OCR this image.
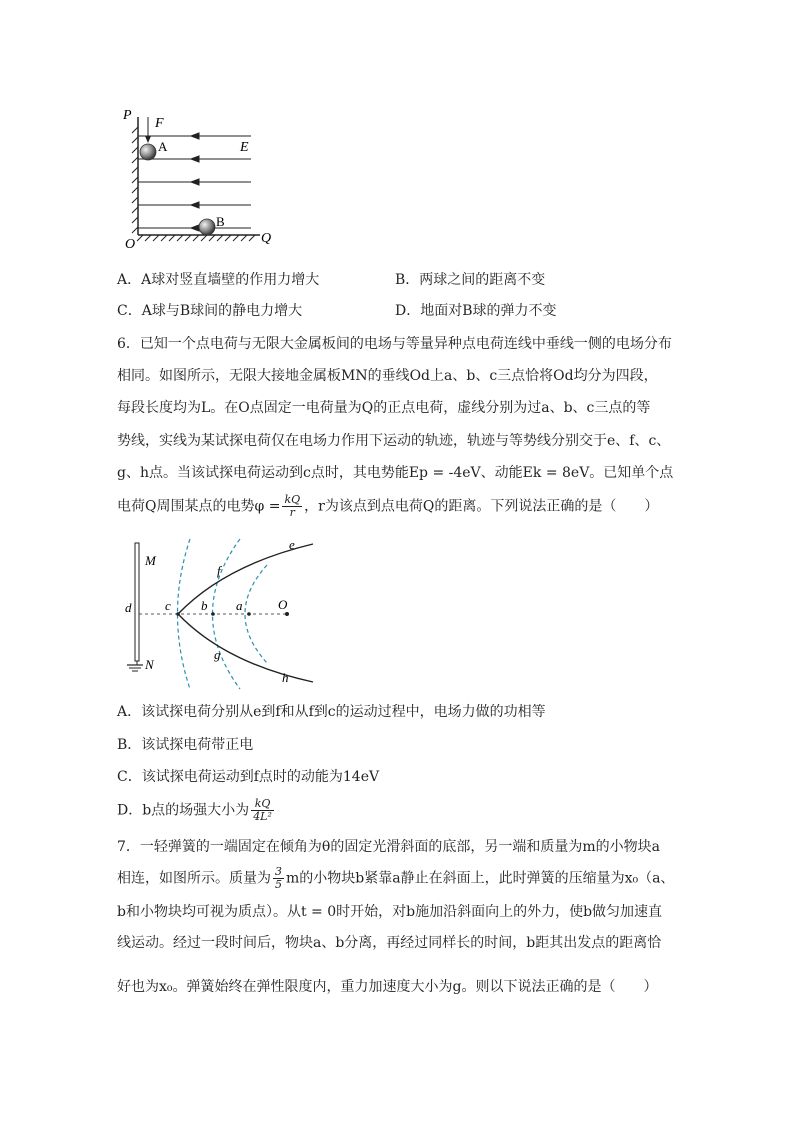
P
F
A	E
B
O	Q
A．A球对竖直墙壁的作用力增大	B．两球之间的距离不变
C．A球与B球间的静电力增大	D．地面对B球的弹力不变
6．已知一个点电荷与无限大金属板间的电场与等量异种点电荷连线中垂线一侧的电场分布
相同。如图所示，无限大接地金属板MN的垂线Od上a、b、c三点恰将Od均分为四段，
每段长度均为L。在O点固定一电荷量为Q的正点电荷，虚线分别为过a、b、c三点的等
势线，实线为某试探电荷仅在电场力作用下运动的轨迹，轨迹与等势线分别交于e、f、c、
g、h点。当该试探电荷运动到c点时，其电势能Ep = -4eV、动能Ek = 8eV。已知单个点
电荷Q周围某点的电势$\varphi = \frac{kQ}{r}$ ，r为该点到点电荷Q的距离。下列说法正确的是（　　）
M
N
d	c b a	O
e
f
g
h
A．该试探电荷分别从e到f和从f到c的运动过程中，电场力做的功相等
B．该试探电荷带正电
C．该试探电荷运动到f点时的动能为14eV
D．b点的场强大小为 $\frac{kQ}{\text{4L²}}$
7．一轻弹簧的一端固定在倾角为θ的固定光滑斜面的底部，另一端和质量为m的小物块a
相连，如图所示。质量为 $\frac{3}{5}$ m的小物块b紧靠a静止在斜面上，此时弹簧的压缩量为x₀（a、
b和小物块均可视为质点）。从t = 0时开始，对b施加沿斜面向上的外力，使b做匀加速直
线运动。经过一段时间后，物块a、b分离，再经过同样长的时间，b距其出发点的距离恰
好也为x₀。弹簧始终在弹性限度内，重力加速度大小为g。则以下说法正确的是（　　）
